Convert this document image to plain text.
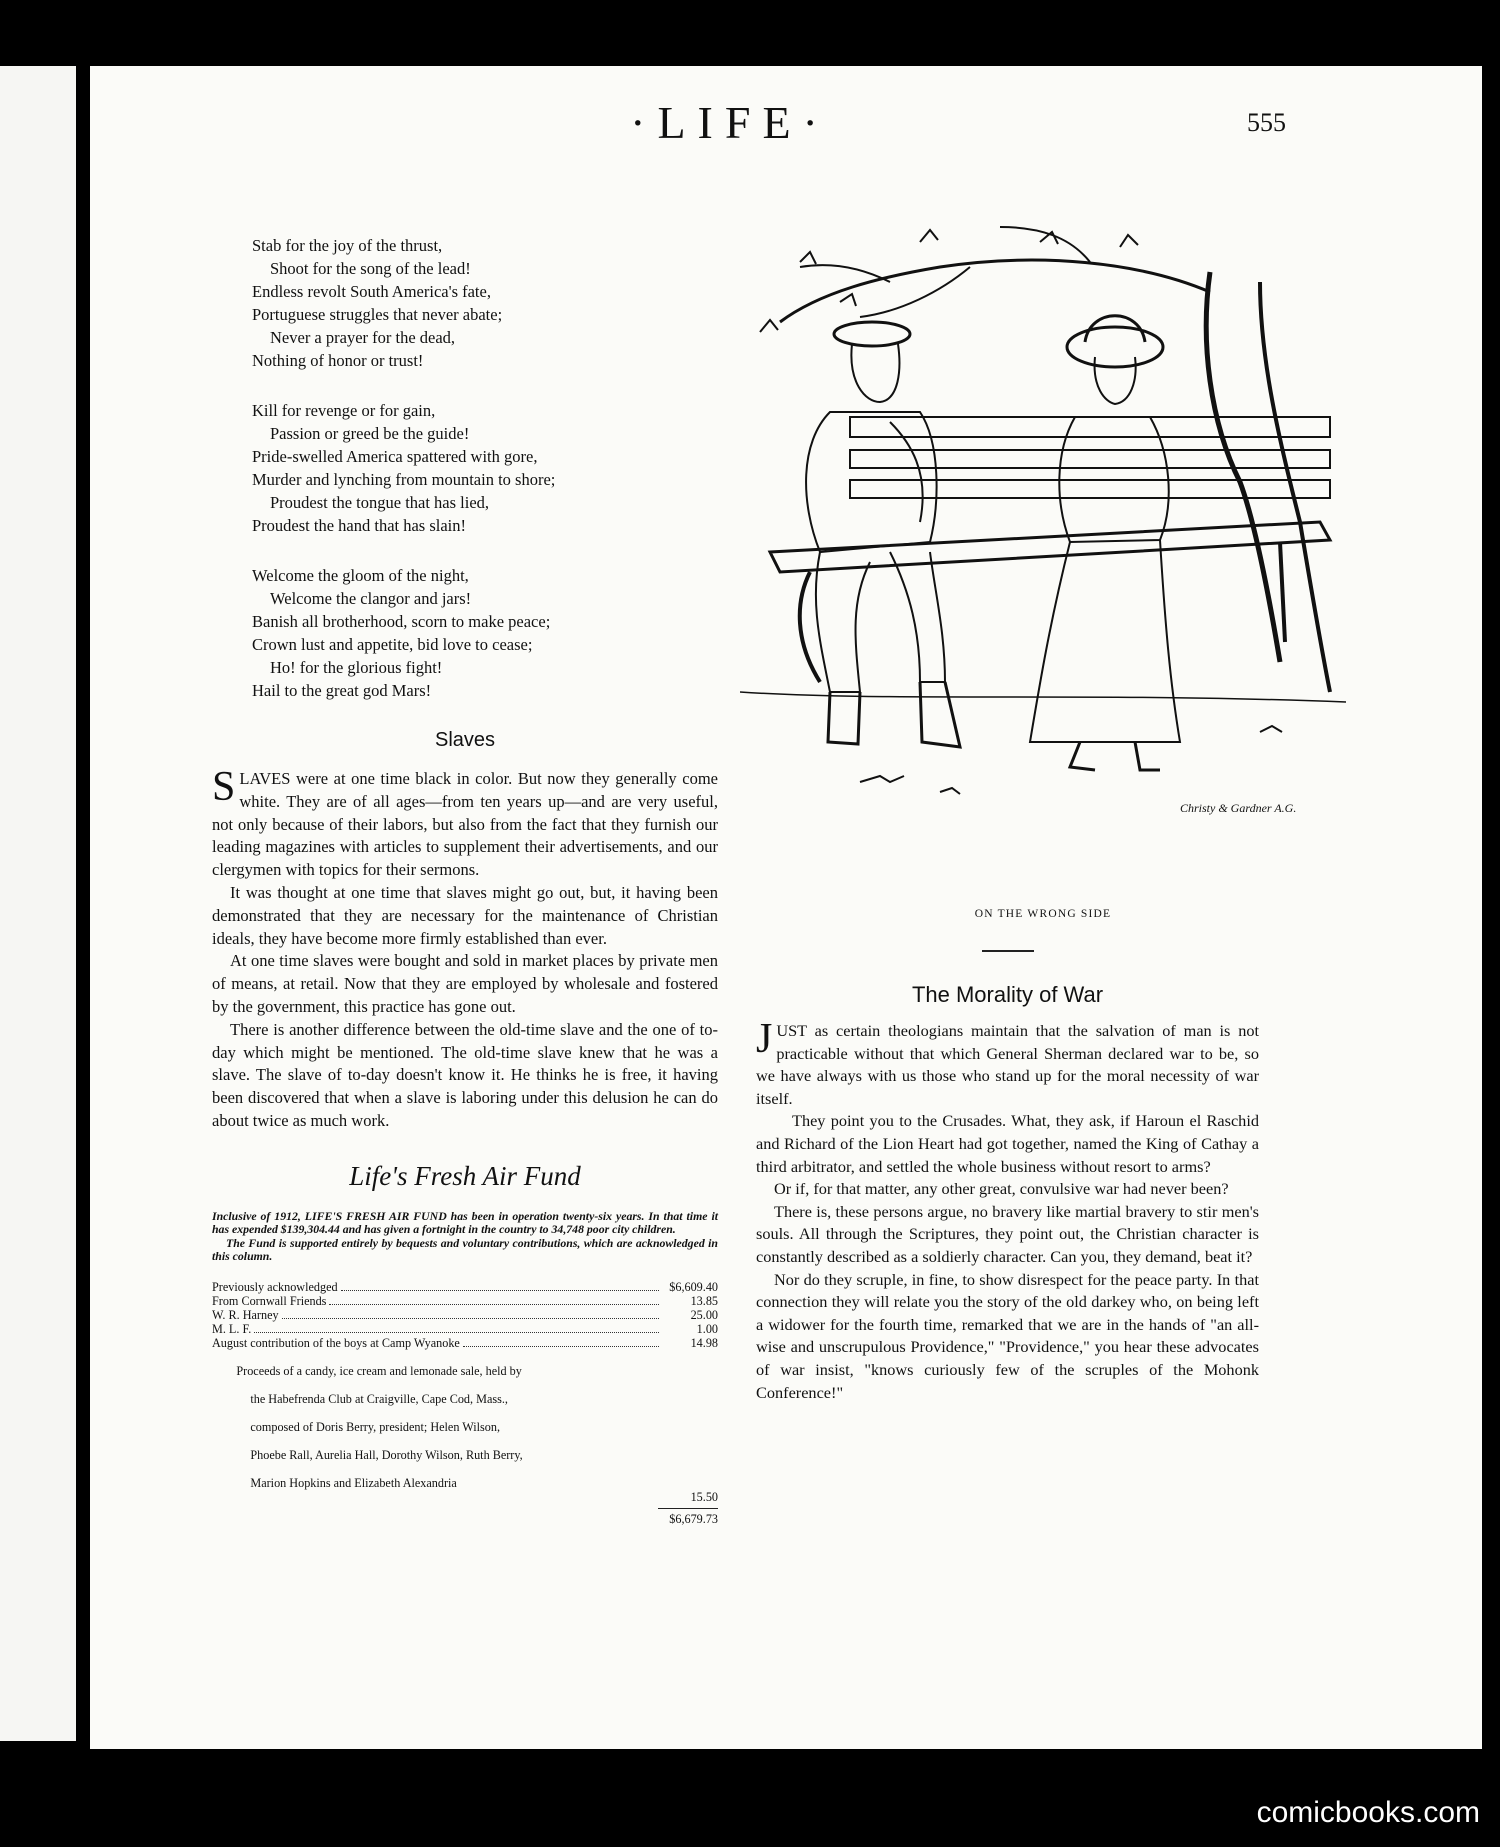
·LIFE·	555
Stab for the joy of the thrust,
Shoot for the song of the lead!
Endless revolt South America's fate,
Portuguese struggles that never abate;
Never a prayer for the dead,
Nothing of honor or trust!
Kill for revenge or for gain,
Passion or greed be the guide!
Pride-swelled America spattered with gore,
Murder and lynching from mountain to shore;
Proudest the tongue that has lied,
Proudest the hand that has slain!
Welcome the gloom of the night,
Welcome the clangor and jars!
Banish all brotherhood, scorn to make peace;
Crown lust and appetite, bid love to cease;
Ho! for the glorious fight!
Hail to the great god Mars!
Slaves

SLAVES were at one time black in color. But now they generally come white. They are of all ages—from ten years up—and are very useful, not only because of their labors, but also from the fact that they furnish our leading magazines with articles to supplement their advertisements, and our clergymen with topics for their sermons.

It was thought at one time that slaves might go out, but, it having been demonstrated that they are necessary for the maintenance of Christian ideals, they have become more firmly established than ever.

At one time slaves were bought and sold in market places by private men of means, at retail. Now that they are employed by wholesale and fostered by the government, this practice has gone out.

There is another difference between the old-time slave and the one of to-day which might be mentioned. The old-time slave knew that he was a slave. The slave of to-day doesn't know it. He thinks he is free, it having been discovered that when a slave is laboring under this delusion he can do about twice as much work.

Life's Fresh Air Fund

Inclusive of 1912, LIFE'S FRESH AIR FUND has been in operation twenty-six years. In that time it has expended $139,304.44 and has given a fortnight in the country to 34,748 poor city children.

The Fund is supported entirely by bequests and voluntary contributions, which are acknowledged in this column.

Previously acknowledged	$6,609.40
From Cornwall Friends	13.85
W. R. Harney	25.00
M. L. F.	1.00
August contribution of the boys at Camp Wyanoke	14.98

Proceeds of a candy, ice cream and lemonade sale, held by

the Habefrenda Club at Craigville, Cape Cod, Mass.,

composed of Doris Berry, president; Helen Wilson,

Phoebe Rall, Aurelia Hall, Dorothy Wilson, Ruth Berry,

Marion Hopkins and Elizabeth Alexandria

15.50
$6,679.73
Christy & Gardner A.G.
ON THE WRONG SIDE
The Morality of War

JUST as certain theologians maintain that the salvation of man is not practicable without that which General Sherman declared war to be, so we have always with us those who stand up for the moral necessity of war itself.

They point you to the Crusades. What, they ask, if Haroun el Raschid and Richard of the Lion Heart had got together, named the King of Cathay a third arbitrator, and settled the whole business without resort to arms?

Or if, for that matter, any other great, convulsive war had never been?

There is, these persons argue, no bravery like martial bravery to stir men's souls. All through the Scriptures, they point out, the Christian character is constantly described as a soldierly character. Can you, they demand, beat it?

Nor do they scruple, in fine, to show disrespect for the peace party. In that connection they will relate you the story of the old darkey who, on being left a widower for the fourth time, remarked that we are in the hands of "an all-wise and unscrupulous Providence," "Providence," you hear these advocates of war insist, "knows curiously few of the scruples of the Mohonk Conference!"

comicbooks.com
